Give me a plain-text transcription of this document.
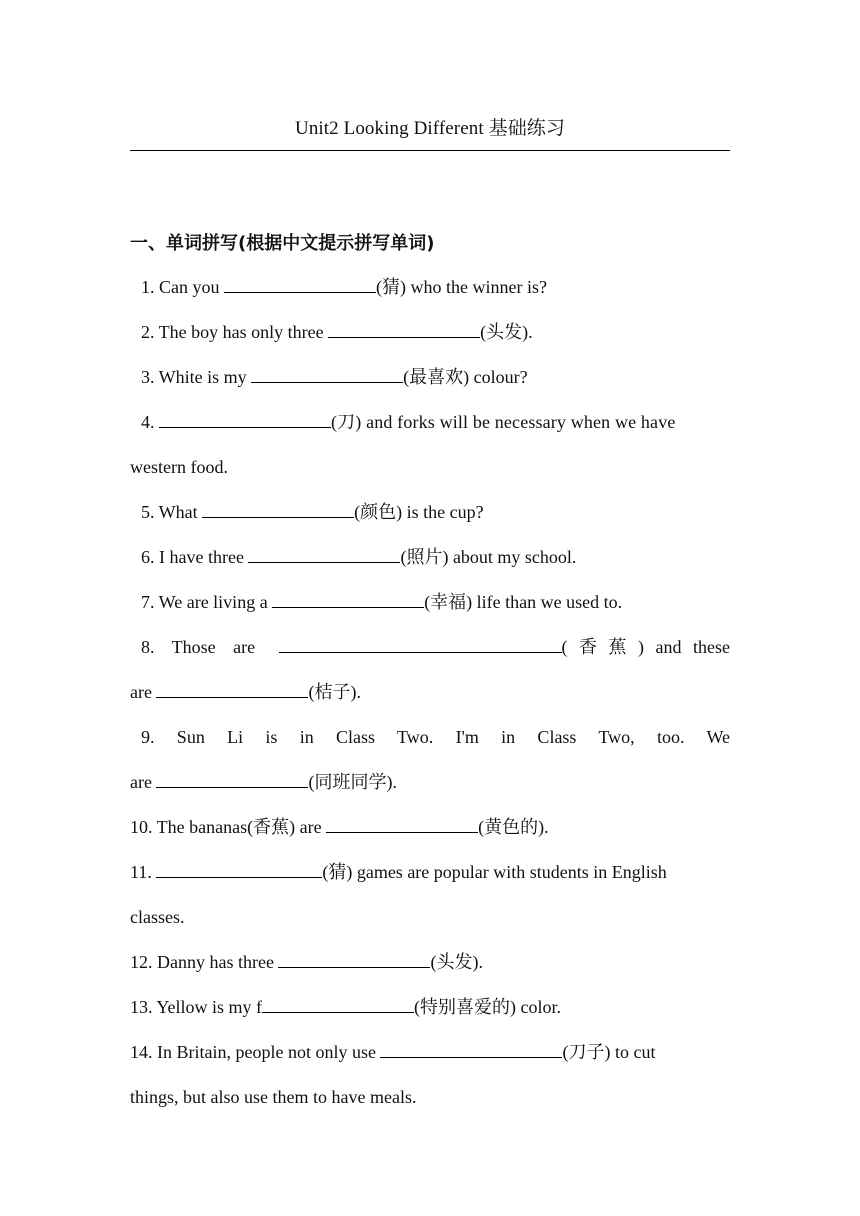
Unit2 Looking Different 基础练习
一、单词拼写(根据中文提示拼写单词)
1. Can you	(猜) who the winner is?
2. The boy has only three	(头发).
3. White is my	(最喜欢) colour?
4.	(刀) and forks will be necessary when we have
western food.
5. What	(颜色) is the cup?
6. I have three	(照片) about my school.
7. We are living a	(幸福) life than we used to.
8. Those are	( 香 蕉 ) and these
are	(桔子).
9. Sun Li is in Class Two. I'm in Class Two, too. We
are	(同班同学).
10. The bananas(香蕉) are	(黄色的).
11.	(猜) games are popular with students in English
classes.
12. Danny has three	(头发).
13. Yellow is my f	(特别喜爱的) color.
14. In Britain, people not only use	(刀子) to cut
things, but also use them to have meals.
